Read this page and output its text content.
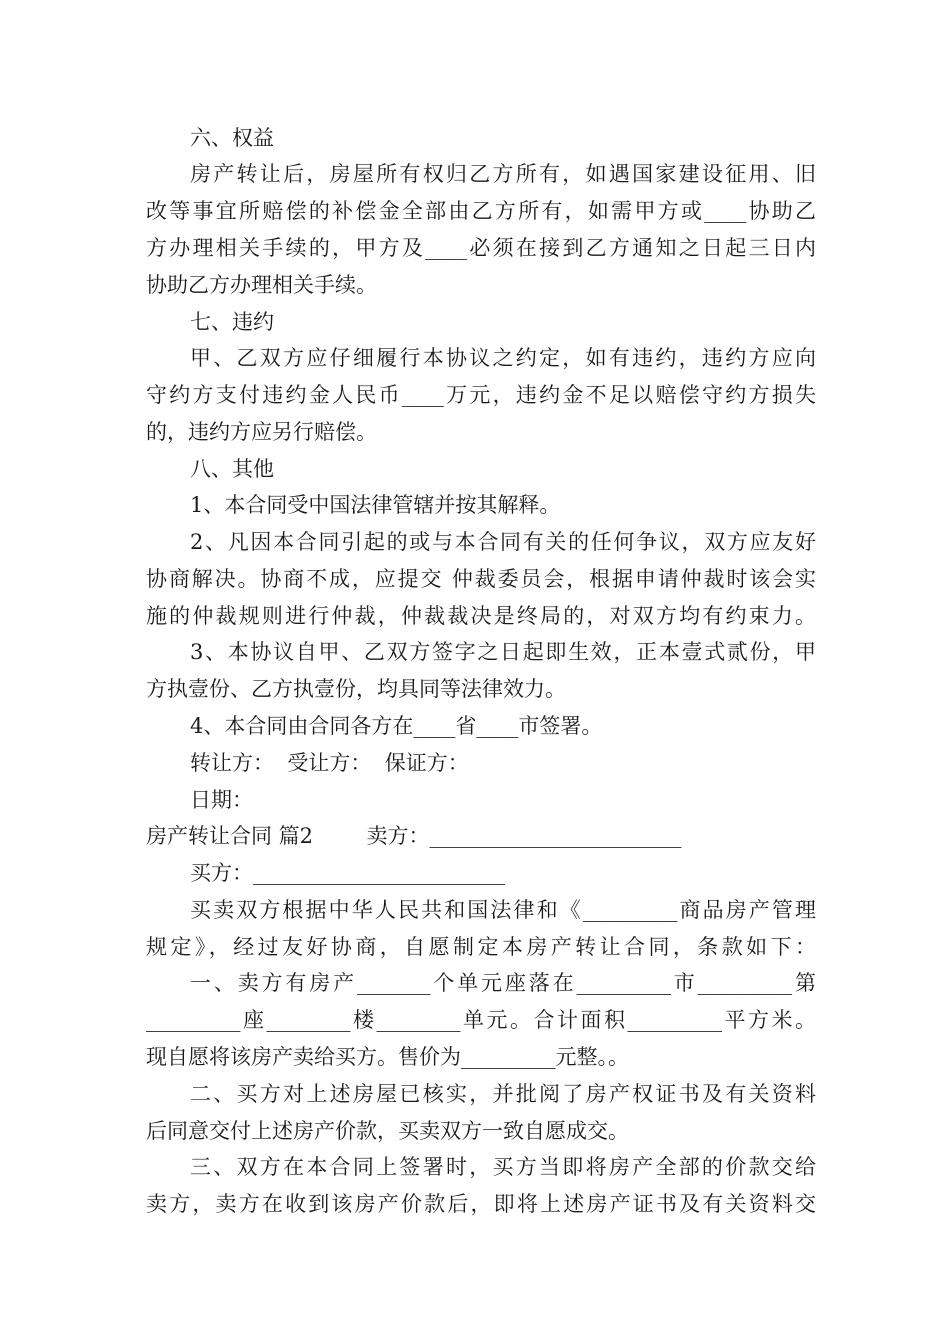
六、权益
房产转让后，房屋所有权归乙方所有，如遇国家建设征用、旧
改等事宜所赔偿的补偿金全部由乙方所有，如需甲方或____协助乙
方办理相关手续的，甲方及____必须在接到乙方通知之日起三日内
协助乙方办理相关手续。
七、违约
甲、乙双方应仔细履行本协议之约定，如有违约，违约方应向
守约方支付违约金人民币____万元，违约金不足以赔偿守约方损失
的，违约方应另行赔偿。
八、其他
1、本合同受中国法律管辖并按其解释。
2、凡因本合同引起的或与本合同有关的任何争议，双方应友好
协商解决。协商不成，应提交 仲裁委员会，根据申请仲裁时该会实
施的仲裁规则进行仲裁，仲裁裁决是终局的，对双方均有约束力。
3、本协议自甲、乙双方签字之日起即生效，正本壹式贰份，甲
方执壹份、乙方执壹份，均具同等法律效力。
4、本合同由合同各方在____省____市签署。
转让方：  受让方：  保证方：
日期：
房产转让合同 篇2        卖方：________________________
买方：________________________
买卖双方根据中华人民共和国法律和《_________商品房产管理
规定》，经过友好协商，自愿制定本房产转让合同，条款如下：
一、卖方有房产_______个单元座落在_________市_________第
_________座________楼________单元。合计面积_________平方米。
现自愿将该房产卖给买方。售价为_________元整。。
二、买方对上述房屋已核实，并批阅了房产权证书及有关资料
后同意交付上述房产价款，买卖双方一致自愿成交。
三、双方在本合同上签署时，买方当即将房产全部的价款交给
卖方，卖方在收到该房产价款后，即将上述房产证书及有关资料交
